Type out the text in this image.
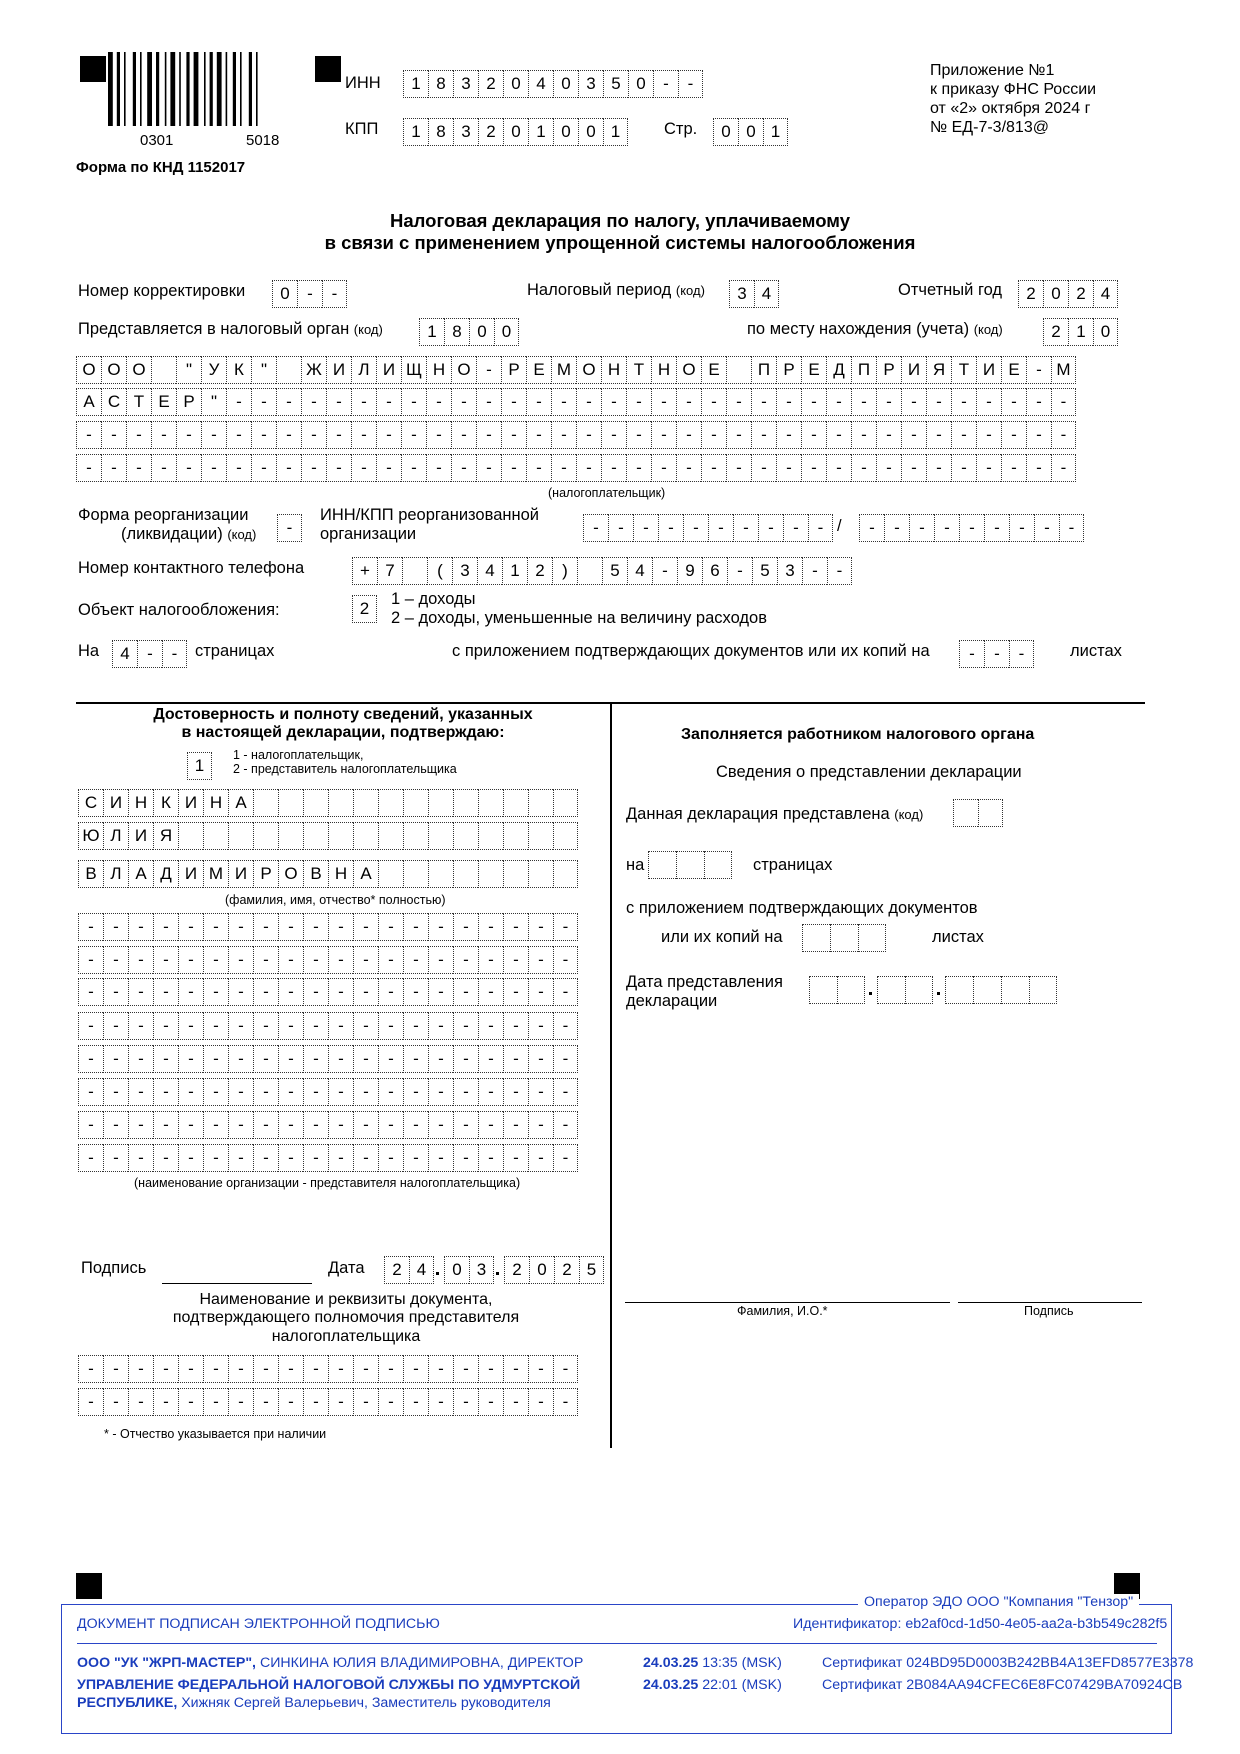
0301	5018
Форма по КНД 1152017
ИНН	1 8 3 2 0 4 0 3 5 0	-	-
КПП	1 8 3 2 0 1 0 0 1	Стр.	0 0 1
Приложение №1
к приказу ФНС России
от «2» октября 2024 г
№ ЕД-7-3/813@
Налоговая декларация по налогу, уплачиваемому
в связи с применением упрощенной системы налогообложения
Номер корректировки	0	-	-	Налоговый период (код)	3 4	Отчетный год	2 0 2 4
Представляется в налоговый орган (код)	1 8 0 0	по месту нахождения (учета) (код)	2 1 0
О О О	" У К	"	Ж И Л И Щ Н О - Р Е М О Н Т Н О Е	П Р Е Д П Р И Я Т И Е - М
А С Т Е Р "	-	-	-	-	-	-	-	-	-	-	-	-	-	-	-	-	-	-	-	-	-	-	-	-	-	-	-	-	-	-	-	-	-	-
-	-	-	-	-	-	-	-	-	-	-	-	-	-	-	-	-	-	-	-	-	-	-	-	-	-	-	-	-	-	-	-	-	-	-	-	-	-	-	-
-	-	-	-	-	-	-	-	-	-	-	-	-	-	-	-	-	-	-	-	-	-	-	-	-	-	-	-	-	-	-	-	-	-	-	-	-	-	-	-
(налогоплательщик)
Форма реорганизации
(ликвидации) (код)	-
ИНН/КПП реорганизованной
организации	-	-	-	-	-	-	-	-	-	- /	-	-	-	-	-	-	-	-	-
Номер контактного телефона	+ 7	(	3 4 1 2	)	5 4	-	9 6	-	5 3	-	-
Объект налогообложения:	2	1 – доходы
2 – доходы, уменьшенные на величину расходов
На	4	-	-	страницах	с приложением подтверждающих документов или их копий на	-	-	-	листах
Достоверность и полноту сведений, указанных
в настоящей декларации, подтверждаю:
1
1 - налогоплательщик,
2 - представитель налогоплательщика
С И Н К И Н А
Ю Л И Я
В Л А Д И М И Р О В Н А
(фамилия, имя, отчество* полностью)
-	-	-	-	-	-	-	-	-	-	-	-	-	-	-	-	-	-	-	-
-	-	-	-	-	-	-	-	-	-	-	-	-	-	-	-	-	-	-	-
-	-	-	-	-	-	-	-	-	-	-	-	-	-	-	-	-	-	-	-
-	-	-	-	-	-	-	-	-	-	-	-	-	-	-	-	-	-	-	-
-	-	-	-	-	-	-	-	-	-	-	-	-	-	-	-	-	-	-	-
-	-	-	-	-	-	-	-	-	-	-	-	-	-	-	-	-	-	-	-
-	-	-	-	-	-	-	-	-	-	-	-	-	-	-	-	-	-	-	-
-	-	-	-	-	-	-	-	-	-	-	-	-	-	-	-	-	-	-	-
(наименование организации - представителя налогоплательщика)
Подпись	Дата	2 4	0 3	2 0 2 5
Наименование и реквизиты документа,
подтверждающего полномочия представителя
налогоплательщика
-	-	-	-	-	-	-	-	-	-	-	-	-	-	-	-	-	-	-	-
-	-	-	-	-	-	-	-	-	-	-	-	-	-	-	-	-	-	-	-
* - Отчество указывается при наличии
Заполняется работником налогового органа
Сведения о представлении декларации
Данная декларация представлена (код)
на	страницах
с приложением подтверждающих документов
или их копий на	листах
Дата представления
декларации
Фамилия, И.О.*	Подпись
Оператор ЭДО ООО "Компания "Тензор"
ДОКУМЕНТ ПОДПИСАН ЭЛЕКТРОННОЙ ПОДПИСЬЮ	Идентификатор: eb2af0cd-1d50-4e05-aa2a-b3b549c282f5
ООО "УК "ЖРП-МАСТЕР", СИНКИНА ЮЛИЯ ВЛАДИМИРОВНА, ДИРЕКТОР	24.03.25 13:35 (MSK)	Сертификат 024BD95D0003B242BB4A13EFD8577E3378
УПРАВЛЕНИЕ ФЕДЕРАЛЬНОЙ НАЛОГОВОЙ СЛУЖБЫ ПО УДМУРТСКОЙ
РЕСПУБЛИКЕ, Хижняк Сергей Валерьевич, Заместитель руководителя
24.03.25 22:01 (MSK)	Сертификат 2B084AA94CFEC6E8FC07429BA70924CB
